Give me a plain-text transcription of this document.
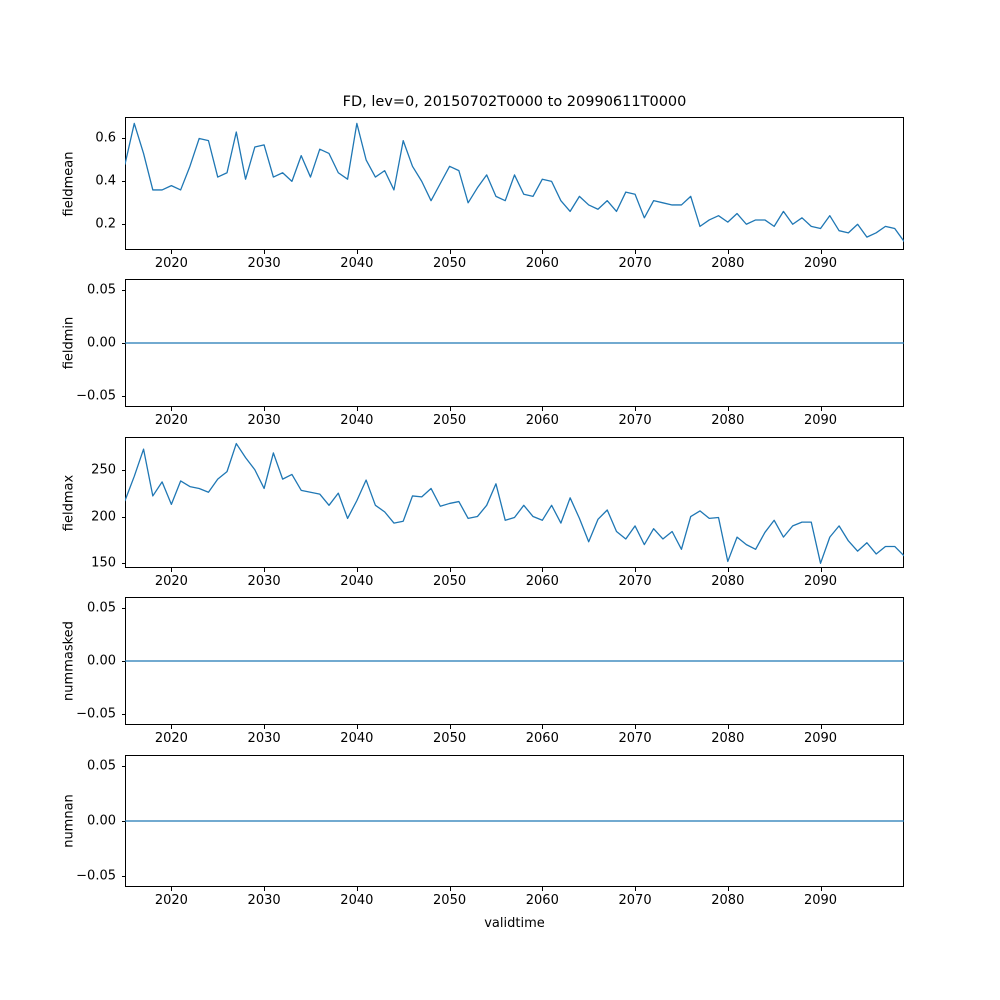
FD, lev=0, 20150702T0000 to 20990611T0000
fieldmean
2020	2030	2040	2050	2060	2070	2080	2090
0.2
0.4
0.6
fieldmin
2020	2030	2040	2050	2060	2070	2080	2090
−0.05
0.00
0.05
fieldmax
2020	2030	2040	2050	2060	2070	2080	2090
150
200
250
nummasked
2020	2030	2040	2050	2060	2070	2080	2090
−0.05
0.00
0.05
numnan
2020	2030	2040	2050	2060	2070	2080	2090
−0.05
0.00
0.05
validtime
